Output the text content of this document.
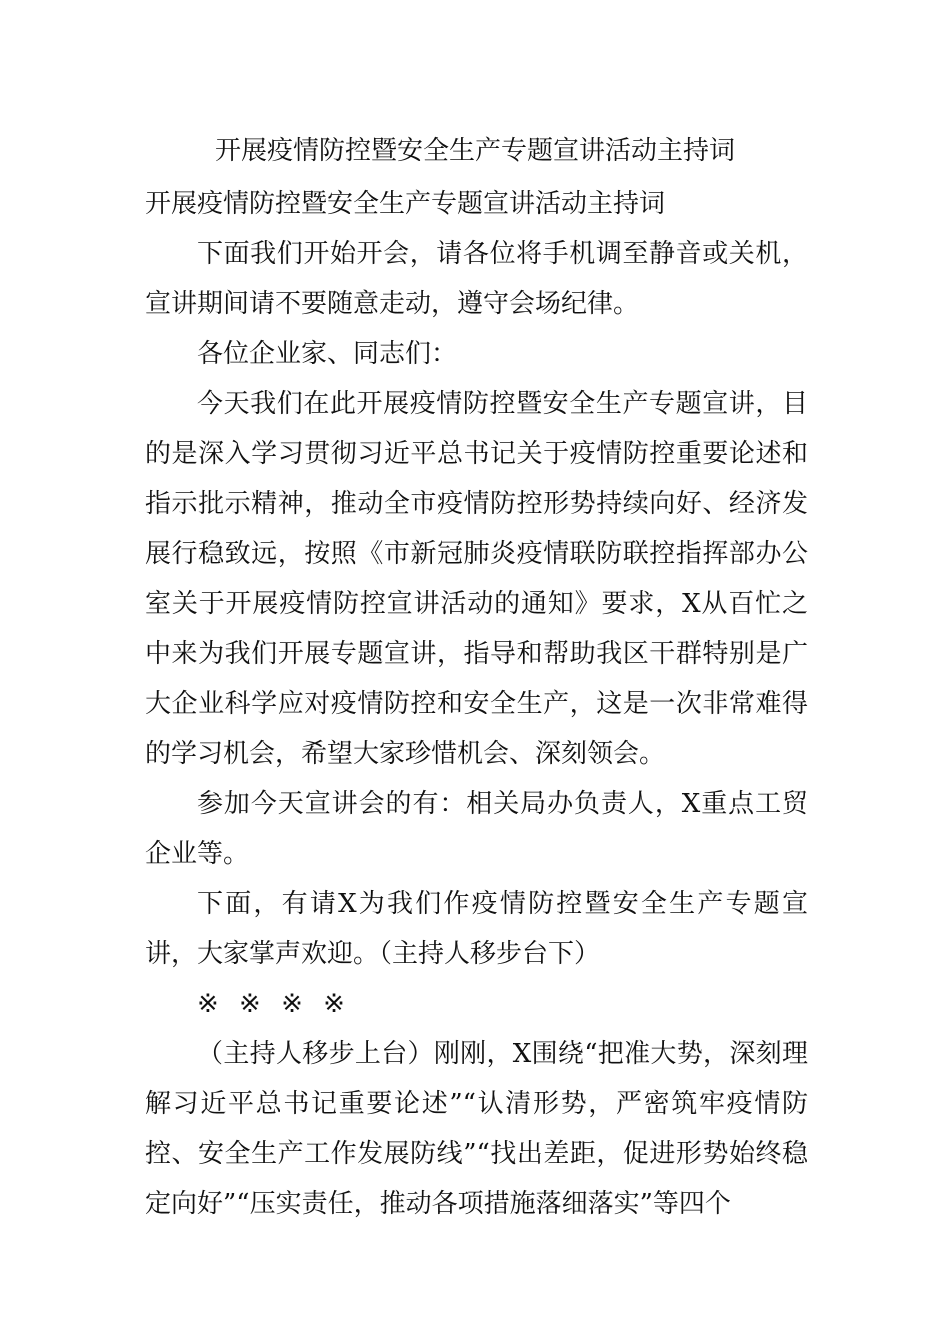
开展疫情防控暨安全生产专题宣讲活动主持词

开展疫情防控暨安全生产专题宣讲活动主持词

下面我们开始开会，请各位将手机调至静音或关机，宣讲期间请不要随意走动，遵守会场纪律。

各位企业家、同志们：

今天我们在此开展疫情防控暨安全生产专题宣讲，目的是深入学习贯彻习近平总书记关于疫情防控重要论述和指示批示精神，推动全市疫情防控形势持续向好、经济发展行稳致远，按照《市新冠肺炎疫情联防联控指挥部办公室关于开展疫情防控宣讲活动的通知》要求，X从百忙之中来为我们开展专题宣讲，指导和帮助我区干群特别是广大企业科学应对疫情防控和安全生产，这是一次非常难得的学习机会，希望大家珍惜机会、深刻领会。

参加今天宣讲会的有：相关局办负责人，X重点工贸企业等。

下面，有请X为我们作疫情防控暨安全生产专题宣讲，大家掌声欢迎。（主持人移步台下）

※ ※ ※ ※

（主持人移步上台）刚刚，X围绕“把准大势，深刻理解习近平总书记重要论述”“认清形势，严密筑牢疫情防控、安全生产工作发展防线”“找出差距，促进形势始终稳定向好”“压实责任，推动各项措施落细落实”等四个
